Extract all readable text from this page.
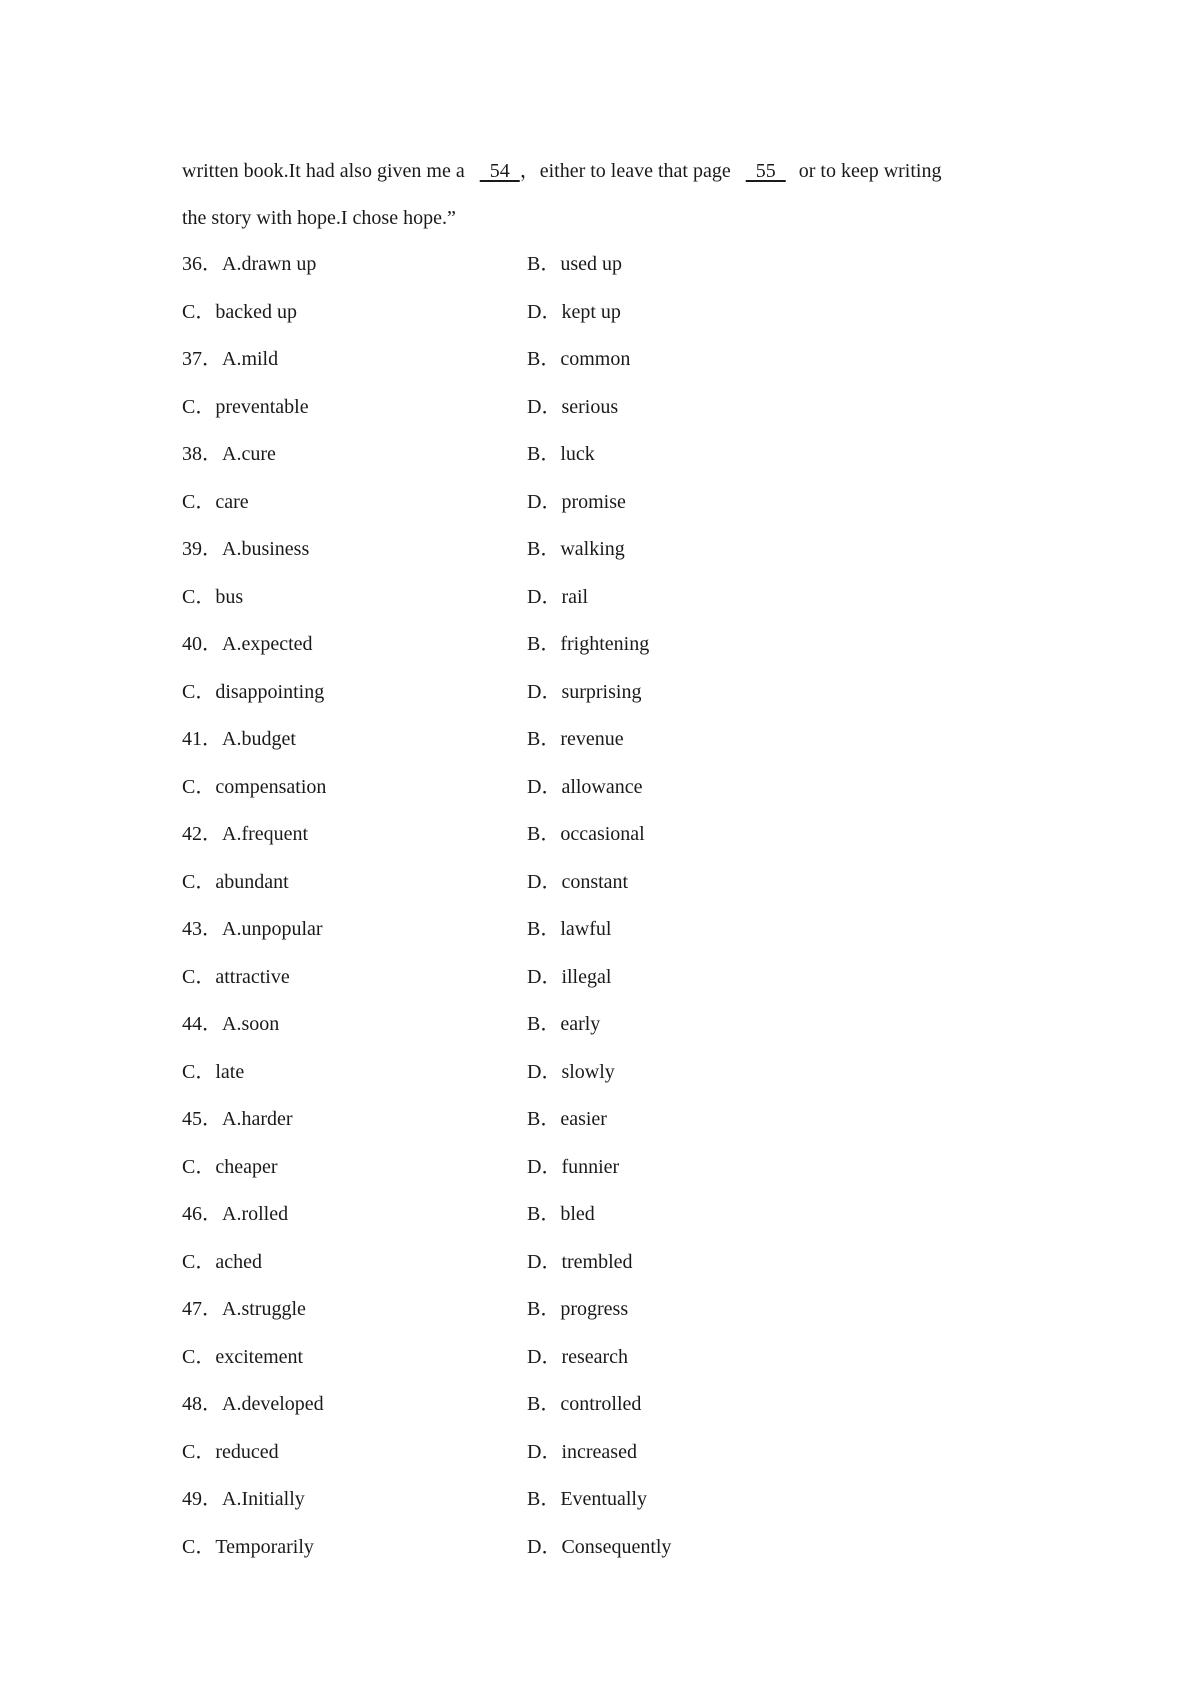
written book.It had also given me a   54  ，either to leave that page   55   or to keep writing
the story with hope.I chose hope.”
36．A.drawn up	B．used up
C．backed up	D．kept up
37．A.mild	B．common
C．preventable	D．serious
38．A.cure	B．luck
C．care	D．promise
39．A.business	B．walking
C．bus	D．rail
40．A.expected	B．frightening
C．disappointing	D．surprising
41．A.budget	B．revenue
C．compensation	D．allowance
42．A.frequent	B．occasional
C．abundant	D．constant
43．A.unpopular	B．lawful
C．attractive	D．illegal
44．A.soon	B．early
C．late	D．slowly
45．A.harder	B．easier
C．cheaper	D．funnier
46．A.rolled	B．bled
C．ached	D．trembled
47．A.struggle	B．progress
C．excitement	D．research
48．A.developed	B．controlled
C．reduced	D．increased
49．A.Initially	B．Eventually
C．Temporarily	D．Consequently
